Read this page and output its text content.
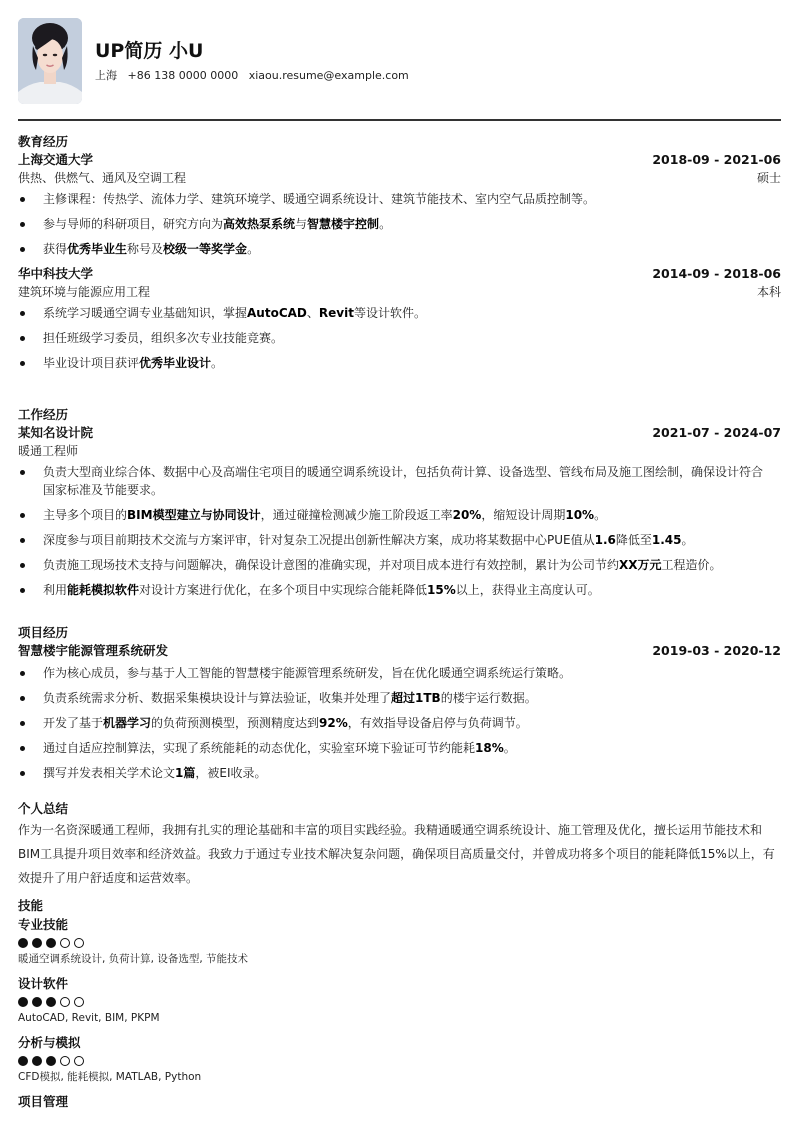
UP简历 小U
上海 +86 138 0000 0000 xiaou.resume@example.com
教育经历
上海交通大学	2018-09 - 2021-06
供热、供燃气、通风及空调工程	硕士
主修课程：传热学、流体力学、建筑环境学、暖通空调系统设计、建筑节能技术、室内空气品质控制等。
参与导师的科研项目，研究方向为高效热泵系统与智慧楼宇控制。
获得优秀毕业生称号及校级一等奖学金。
华中科技大学	2014-09 - 2018-06
建筑环境与能源应用工程	本科
系统学习暖通空调专业基础知识，掌握AutoCAD、Revit等设计软件。
担任班级学习委员，组织多次专业技能竞赛。
毕业设计项目获评优秀毕业设计。
工作经历
某知名设计院	2021-07 - 2024-07
暖通工程师
负责大型商业综合体、数据中心及高端住宅项目的暖通空调系统设计，包括负荷计算、设备选型、管线布局及施工图绘制，确保设计符合国家标准及节能要求。
主导多个项目的BIM模型建立与协同设计，通过碰撞检测减少施工阶段返工率20%，缩短设计周期10%。
深度参与项目前期技术交流与方案评审，针对复杂工况提出创新性解决方案，成功将某数据中心PUE值从1.6降低至1.45。
负责施工现场技术支持与问题解决，确保设计意图的准确实现，并对项目成本进行有效控制，累计为公司节约XX万元工程造价。
利用能耗模拟软件对设计方案进行优化，在多个项目中实现综合能耗降低15%以上，获得业主高度认可。
项目经历
智慧楼宇能源管理系统研发	2019-03 - 2020-12
作为核心成员，参与基于人工智能的智慧楼宇能源管理系统研发，旨在优化暖通空调系统运行策略。
负责系统需求分析、数据采集模块设计与算法验证，收集并处理了超过1TB的楼宇运行数据。
开发了基于机器学习的负荷预测模型，预测精度达到92%，有效指导设备启停与负荷调节。
通过自适应控制算法，实现了系统能耗的动态优化，实验室环境下验证可节约能耗18%。
撰写并发表相关学术论文1篇，被EI收录。
个人总结
作为一名资深暖通工程师，我拥有扎实的理论基础和丰富的项目实践经验。我精通暖通空调系统设计、施工管理及优化，擅长运用节能技术和BIM工具提升项目效率和经济效益。我致力于通过专业技术解决复杂问题，确保项目高质量交付，并曾成功将多个项目的能耗降低15%以上，有效提升了用户舒适度和运营效率。
技能
专业技能
暖通空调系统设计, 负荷计算, 设备选型, 节能技术
设计软件
AutoCAD, Revit, BIM, PKPM
分析与模拟
CFD模拟, 能耗模拟, MATLAB, Python
项目管理
